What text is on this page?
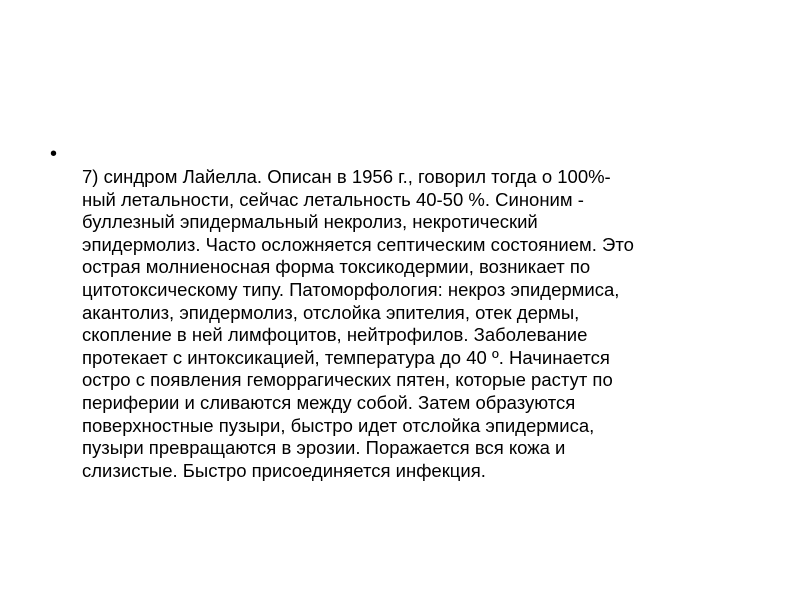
•
7) синдром Лайелла. Описан в 1956 г., говорил тогда о 100%-
ный летальности, сейчас летальность 40-50 %. Синоним -
буллезный эпидермальный некролиз, некротический
эпидермолиз. Часто осложняется септическим состоянием. Это
острая молниеносная форма токсикодермии, возникает по
цитотоксическому типу. Патоморфология: некроз эпидермиса,
акантолиз, эпидермолиз, отслойка эпителия, отек дермы,
скопление в ней лимфоцитов, нейтрофилов. Заболевание
протекает с интоксикацией, температура до 40 º. Начинается
остро с появления геморрагических пятен, которые растут по
периферии и сливаются между собой. Затем образуются
поверхностные пузыри, быстро идет отслойка эпидермиса,
пузыри превращаются в эрозии. Поражается вся кожа и
слизистые. Быстро присоединяется инфекция.
